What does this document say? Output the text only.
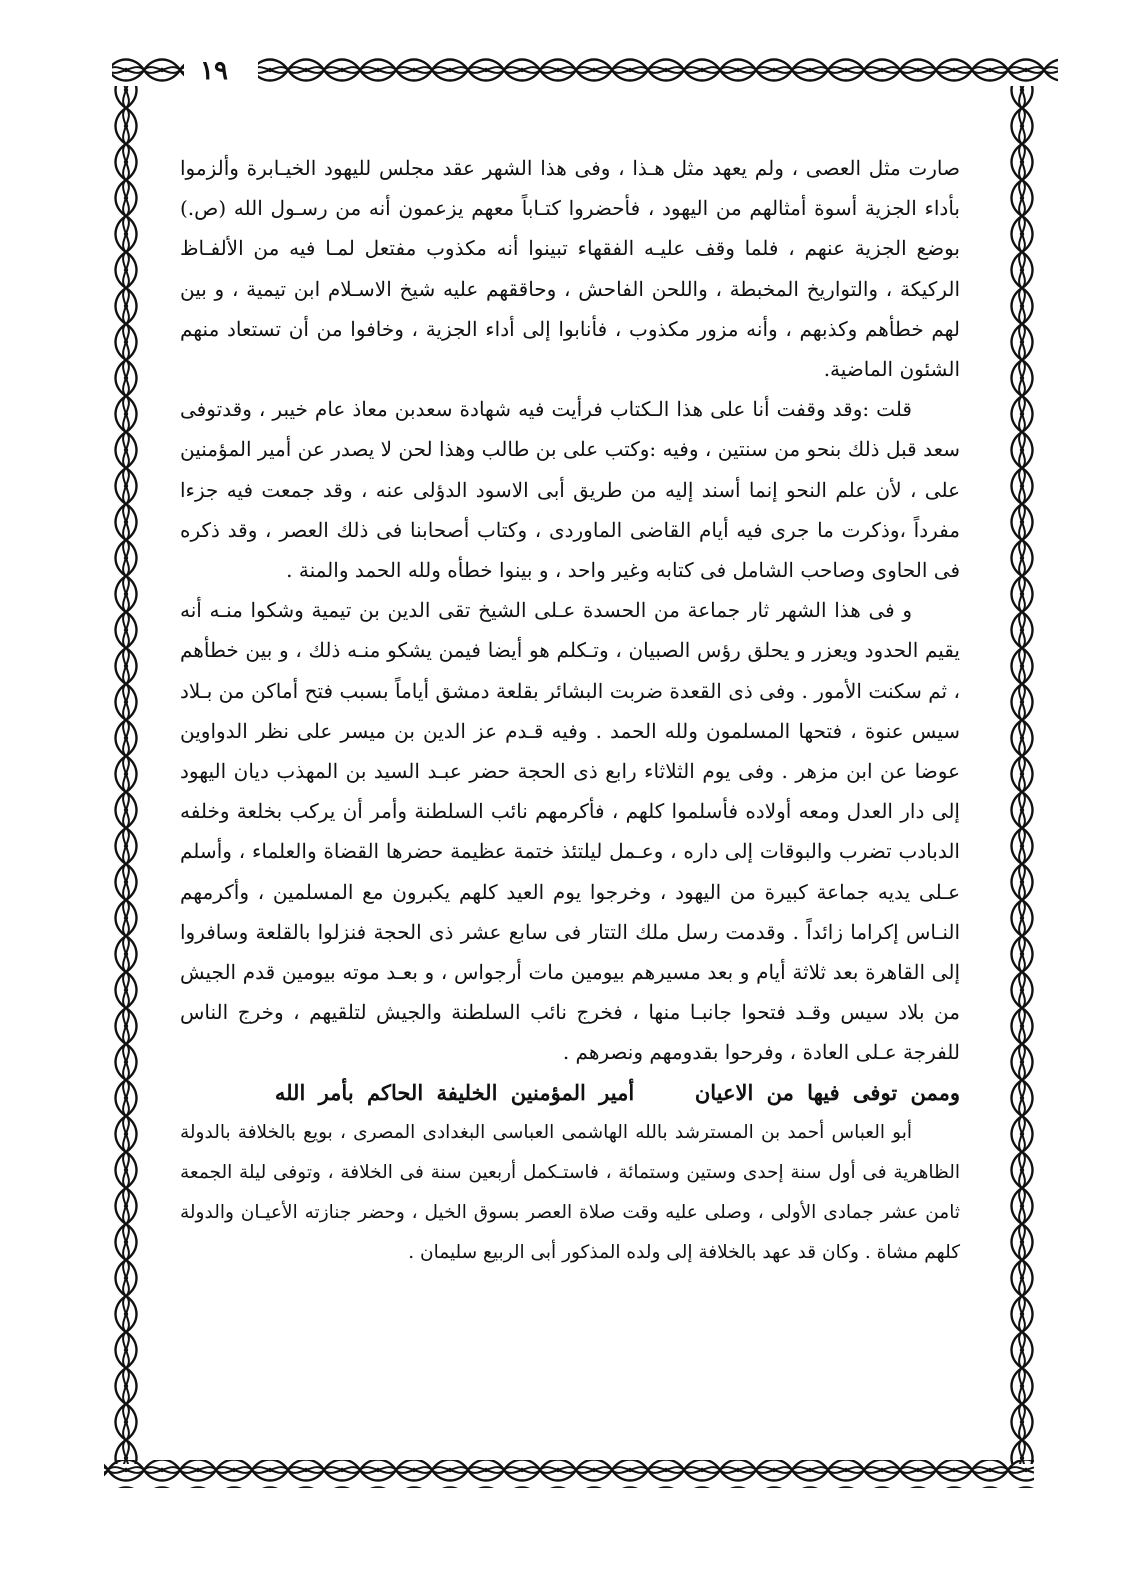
١٩

صارت مثل العصى ، ولم يعهد مثل هـذا ، وفى هذا الشهر عقد مجلس لليهود الخيـابرة وألزموا بأداء الجزية أسوة أمثالهم من اليهود ، فأحضروا كتـاباً معهم يزعمون أنه من رسـول الله (ص.) بوضع الجزية عنهم ، فلما وقف عليـه الفقهاء تبينوا أنه مكذوب مفتعل لمـا فيه من الألفـاظ الركيكة ، والتواريخ المخبطة ، واللحن الفاحش ، وحاققهم عليه شيخ الاسـلام ابن تيمية ، و بين لهم خطأهم وكذبهم ، وأنه مزور مكذوب ، فأنابوا إلى أداء الجزية ، وخافوا من أن تستعاد منهم الشئون الماضية.

قلت :وقد وقفت أنا على هذا الـكتاب فرأيت فيه شهادة سعدبن معاذ عام خيبر ، وقدتوفى سعد قبل ذلك بنحو من سنتين ، وفيه :وكتب على بن طالب وهذا لحن لا يصدر عن أمير المؤمنين على ، لأن علم النحو إنما أسند إليه من طريق أبى الاسود الدؤلى عنه ، وقد جمعت فيه جزءا مفرداً ،وذكرت ما جرى فيه أيام القاضى الماوردى ، وكتاب أصحابنا فى ذلك العصر ، وقد ذكره فى الحاوى وصاحب الشامل فى كتابه وغير واحد ، و بينوا خطأه ولله الحمد والمنة .

و فى هذا الشهر ثار جماعة من الحسدة عـلى الشيخ تقى الدين بن تيمية وشكوا منـه أنه يقيم الحدود ويعزر و يحلق رؤس الصبيان ، وتـكلم هو أيضا فيمن يشكو منـه ذلك ، و بين خطأهم ، ثم سكنت الأمور . وفى ذى القعدة ضربت البشائر بقلعة دمشق أياماً بسبب فتح أماكن من بـلاد سيس عنوة ، فتحها المسلمون ولله الحمد . وفيه قـدم عز الدين بن ميسر على نظر الدواوين عوضا عن ابن مزهر . وفى يوم الثلاثاء رابع ذى الحجة حضر عبـد السيد بن المهذب ديان اليهود إلى دار العدل ومعه أولاده فأسلموا كلهم ، فأكرمهم نائب السلطنة وأمر أن يركب بخلعة وخلفه الدبادب تضرب والبوقات إلى داره ، وعـمل ليلتئذ ختمة عظيمة حضرها القضاة والعلماء ، وأسلم عـلى يديه جماعة كبيرة من اليهود ، وخرجوا يوم العيد كلهم يكبرون مع المسلمين ، وأكرمهم النـاس إكراما زائداً . وقدمت رسل ملك التتار فى سابع عشر ذى الحجة فنزلوا بالقلعة وسافروا إلى القاهرة بعد ثلاثة أيام و بعد مسيرهم بيومين مات أرجواس ، و بعـد موته بيومين قدم الجيش من بلاد سيس وقـد فتحوا جانبـا منها ، فخرج نائب السلطنة والجيش لتلقيهم ، وخرج الناس للفرجة عـلى العادة ، وفرحوا بقدومهم ونصرهم .

وممن توفى فيها من الاعيان  أمير المؤمنين الخليفة الحاكم بأمر الله

أبو العباس أحمد بن المسترشد بالله الهاشمى العباسى البغدادى المصرى ، بويع بالخلافة بالدولة الظاهرية فى أول سنة إحدى وستين وستمائة ، فاستـكمل أربعين سنة فى الخلافة ، وتوفى ليلة الجمعة ثامن عشر جمادى الأولى ، وصلى عليه وقت صلاة العصر بسوق الخيل ، وحضر جنازته الأعيـان والدولة كلهم مشاة . وكان قد عهد بالخلافة إلى ولده المذكور أبى الربيع سليمان .
